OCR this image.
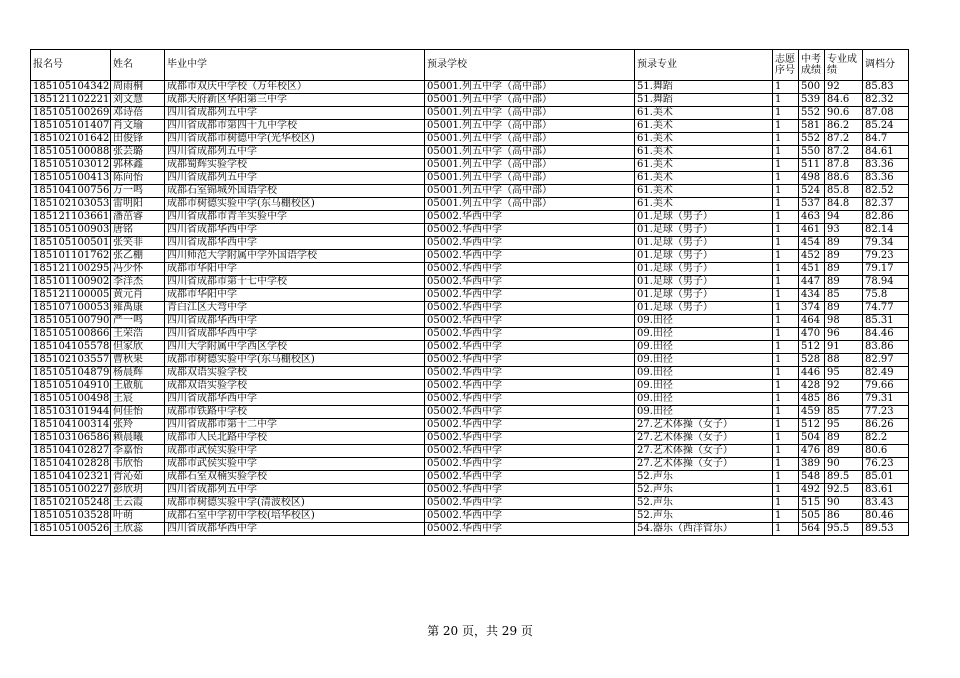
报名号	姓名	毕业中学	预录学校	预录专业	志愿序号	中考成绩	专业成绩	调档分
185105104342	周雨桐	成都市双庆中学校（万年校区）	05001.列五中学（高中部）	51.舞蹈	1	500	92	85.83
185121102221	刘文慧	成都天府新区华阳第三中学	05001.列五中学（高中部）	51.舞蹈	1	539	84.6	82.32
185105100269	邓诗蓓	四川省成都列五中学	05001.列五中学（高中部）	61.美术	1	552	90.6	87.08
185105101407	肖文瑜	四川省成都市第四十九中学校	05001.列五中学（高中部）	61.美术	1	581	86.2	85.24
185102101642	田俊锋	四川省成都市树德中学(光华校区)	05001.列五中学（高中部）	61.美术	1	552	87.2	84.7
185105100088	张芸璐	四川省成都列五中学	05001.列五中学（高中部）	61.美术	1	550	87.2	84.61
185105103012	郭林鑫	成都蜀辉实验学校	05001.列五中学（高中部）	61.美术	1	511	87.8	83.36
185105100413	陈向怡	四川省成都列五中学	05001.列五中学（高中部）	61.美术	1	498	88.6	83.36
185104100756	万一鸣	成都石室锦城外国语学校	05001.列五中学（高中部）	61.美术	1	524	85.8	82.52
185102103053	雷明阳	成都市树德实验中学(东马棚校区)	05001.列五中学（高中部）	61.美术	1	537	84.8	82.37
185121103661	潘茁睿	四川省成都市青羊实验中学	05002.华西中学	01.足球（男子）	1	463	94	82.86
185105100903	唐铭	四川省成都华西中学	05002.华西中学	01.足球（男子）	1	461	93	82.14
185105100501	张笑非	四川省成都华西中学	05002.华西中学	01.足球（男子）	1	454	89	79.34
185101101762	张乙棚	四川师范大学附属中学外国语学校	05002.华西中学	01.足球（男子）	1	452	89	79.23
185121100295	冯少怀	成都市华阳中学	05002.华西中学	01.足球（男子）	1	451	89	79.17
185101100902	李洋杰	四川省成都市第十七中学校	05002.华西中学	01.足球（男子）	1	447	89	78.94
185121100005	黄元肖	成都市华阳中学	05002.华西中学	01.足球（男子）	1	434	85	75.8
185107100053	雍禹康	青白江区大弯中学	05002.华西中学	01.足球（男子）	1	374	89	74.77
185105100790	严一鸣	四川省成都华西中学	05002.华西中学	09.田径	1	464	98	85.31
185105100866	王荣浩	四川省成都华西中学	05002.华西中学	09.田径	1	470	96	84.46
185104105578	但家欣	四川大学附属中学西区学校	05002.华西中学	09.田径	1	512	91	83.86
185102103557	曹秋果	成都市树德实验中学(东马棚校区)	05002.华西中学	09.田径	1	528	88	82.97
185105104879	杨晨辉	成都双语实验学校	05002.华西中学	09.田径	1	446	95	82.49
185105104910	王啟航	成都双语实验学校	05002.华西中学	09.田径	1	428	92	79.66
185105100498	王宸	四川省成都华西中学	05002.华西中学	09.田径	1	485	86	79.31
185103101944	何佳怡	成都市铁路中学校	05002.华西中学	09.田径	1	459	85	77.23
185104100314	张羚	四川省成都市第十二中学	05002.华西中学	27.艺术体操（女子）	1	512	95	86.26
185103106586	赖晨曦	成都市人民北路中学校	05002.华西中学	27.艺术体操（女子）	1	504	89	82.2
185104102827	李嘉怡	成都市武侯实验中学	05002.华西中学	27.艺术体操（女子）	1	476	89	80.6
185104102828	韦欣怡	成都市武侯实验中学	05002.华西中学	27.艺术体操（女子）	1	389	90	76.23
185104102321	胥沁茹	成都石室双楠实验学校	05002.华西中学	52.声乐	1	548	89.5	85.01
185105100227	彭欣玥	四川省成都列五中学	05002.华西中学	52.声乐	1	492	92.5	83.61
185102105248	王云霞	成都市树德实验中学(清波校区)	05002.华西中学	52.声乐	1	515	90	83.43
185105103528	叶萌	成都石室中学初中学校(培华校区)	05002.华西中学	52.声乐	1	505	86	80.46
185105100526	王欣蕊	四川省成都华西中学	05002.华西中学	54.器乐（西洋管乐）	1	564	95.5	89.53
第 20 页，共 29 页
